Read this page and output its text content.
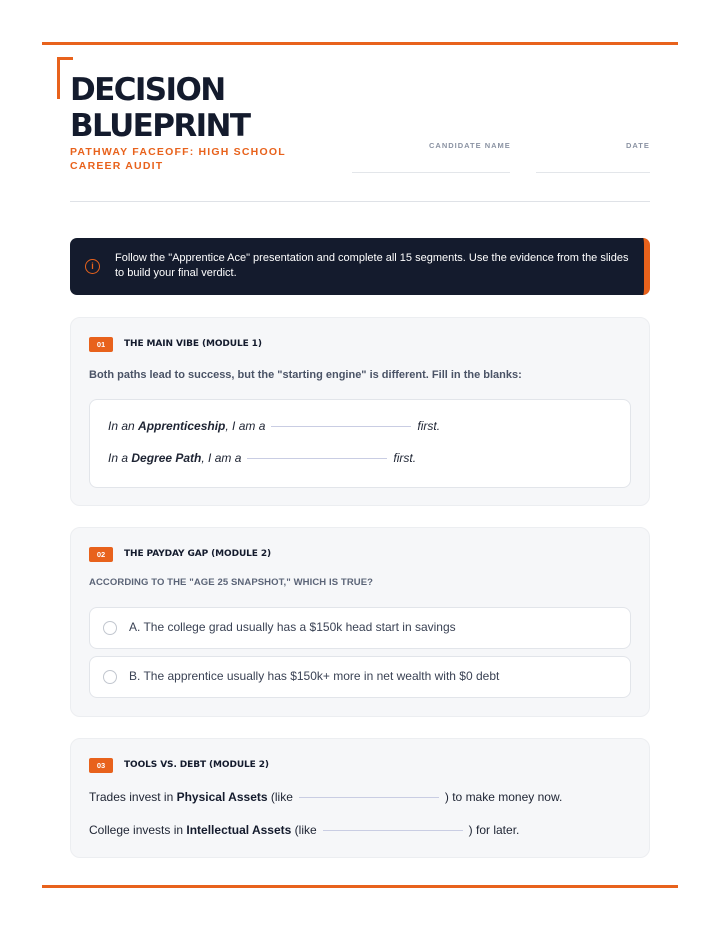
DECISION
BLUEPRINT
PATHWAY FACEOFF: HIGH SCHOOL CAREER AUDIT
CANDIDATE NAME	DATE
i
Follow the "Apprentice Ace" presentation and complete all 15 segments. Use the evidence from the slides to build your final verdict.
01	THE MAIN VIBE (MODULE 1)
Both paths lead to success, but the "starting engine" is different. Fill in the blanks:
In an Apprenticeship, I am a	first.
In a Degree Path, I am a	first.
02	THE PAYDAY GAP (MODULE 2)
ACCORDING TO THE "AGE 25 SNAPSHOT," WHICH IS TRUE?
A. The college grad usually has a $150k head start in savings
B. The apprentice usually has $150k+ more in net wealth with $0 debt
03	TOOLS VS. DEBT (MODULE 2)
Trades invest in Physical Assets (like	) to make money now.
College invests in Intellectual Assets (like	) for later.
